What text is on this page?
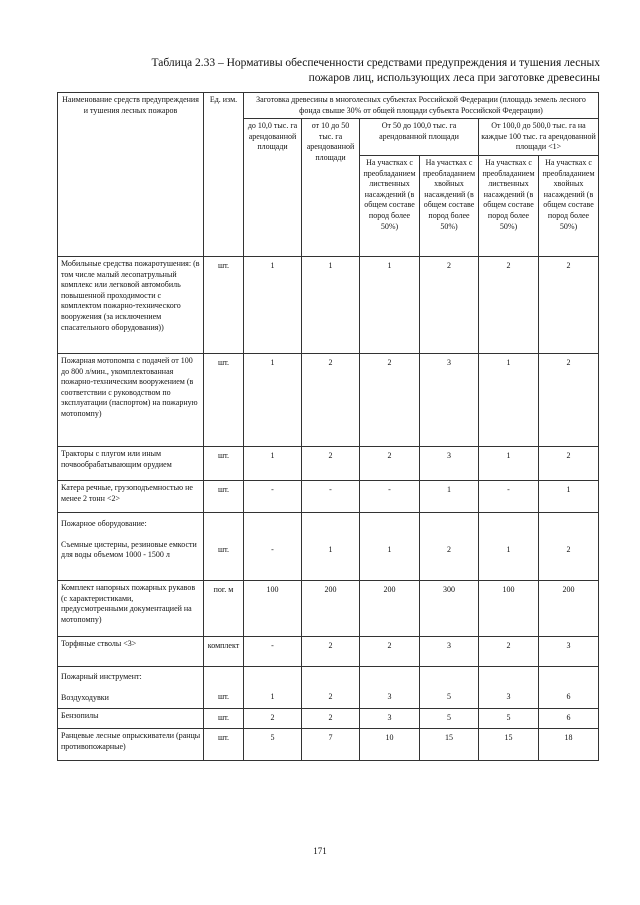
Таблица 2.33 – Нормативы обеспеченности средствами предупреждения и тушения лесных
пожаров лиц, использующих леса при заготовке древесины
Наименование средств предупреждения и тушения лесных пожаров	Ед. изм.	Заготовка древесины в многолесных субъектах Российской Федерации (площадь земель лесного фонда свыше 30% от общей площади субъекта Российской Федерации)					
		до 10,0 тыс. га арендованной площади	от 10 до 50 тыс. га арендованной площади	От 50 до 100,0 тыс. га арендованной площади		От 100,0 до 500,0 тыс. га на каждые 100 тыс. га арендованной площади <1>	
				На участках с преобладанием лиственных насаждений (в общем составе пород более 50%)	На участках с преобладанием хвойных насаждений (в общем составе пород более 50%)	На участках с преобладанием лиственных насаждений (в общем составе пород более 50%)	На участках с преобладанием хвойных насаждений (в общем составе пород более 50%)
Мобильные средства пожаротушения: (в том числе малый лесопатрульный комплекс или легковой автомобиль повышенной проходимости с комплектом пожарно-технического вооружения (за исключением спасательного оборудования))	шт.	1	1	1	2	2	2
Пожарная мотопомпа с подачей от 100 до 800 л/мин., укомплектованная пожарно-техническим вооружением (в соответствии с руководством по эксплуатации (паспортом) на пожарную мотопомпу)	шт.	1	2	2	3	1	2
Тракторы с плугом или иным почвообрабатывающим орудием	шт.	1	2	2	3	1	2
Катера речные, грузоподъемностью не менее 2 тонн <2>	шт.	-	-	-	1	-	1

Пожарное оборудование:
Съемные цистерны, резиновые емкости для воды объемом 1000 - 1500 л	шт.	-	1	1	2	1	2
Комплект напорных пожарных рукавов (с характеристиками, предусмотренными документацией на мотопомпу)	пог. м	100	200	200	300	100	200
Торфяные стволы <3>	комплект	-	2	2	3	2	3

Пожарный инструмент:
Воздуходувки	шт.	1	2	3	5	3	6
Бензопилы	шт.	2	2	3	5	5	6
Ранцевые лесные опрыскиватели (ранцы противопожарные)	шт.	5	7	10	15	15	18
171
